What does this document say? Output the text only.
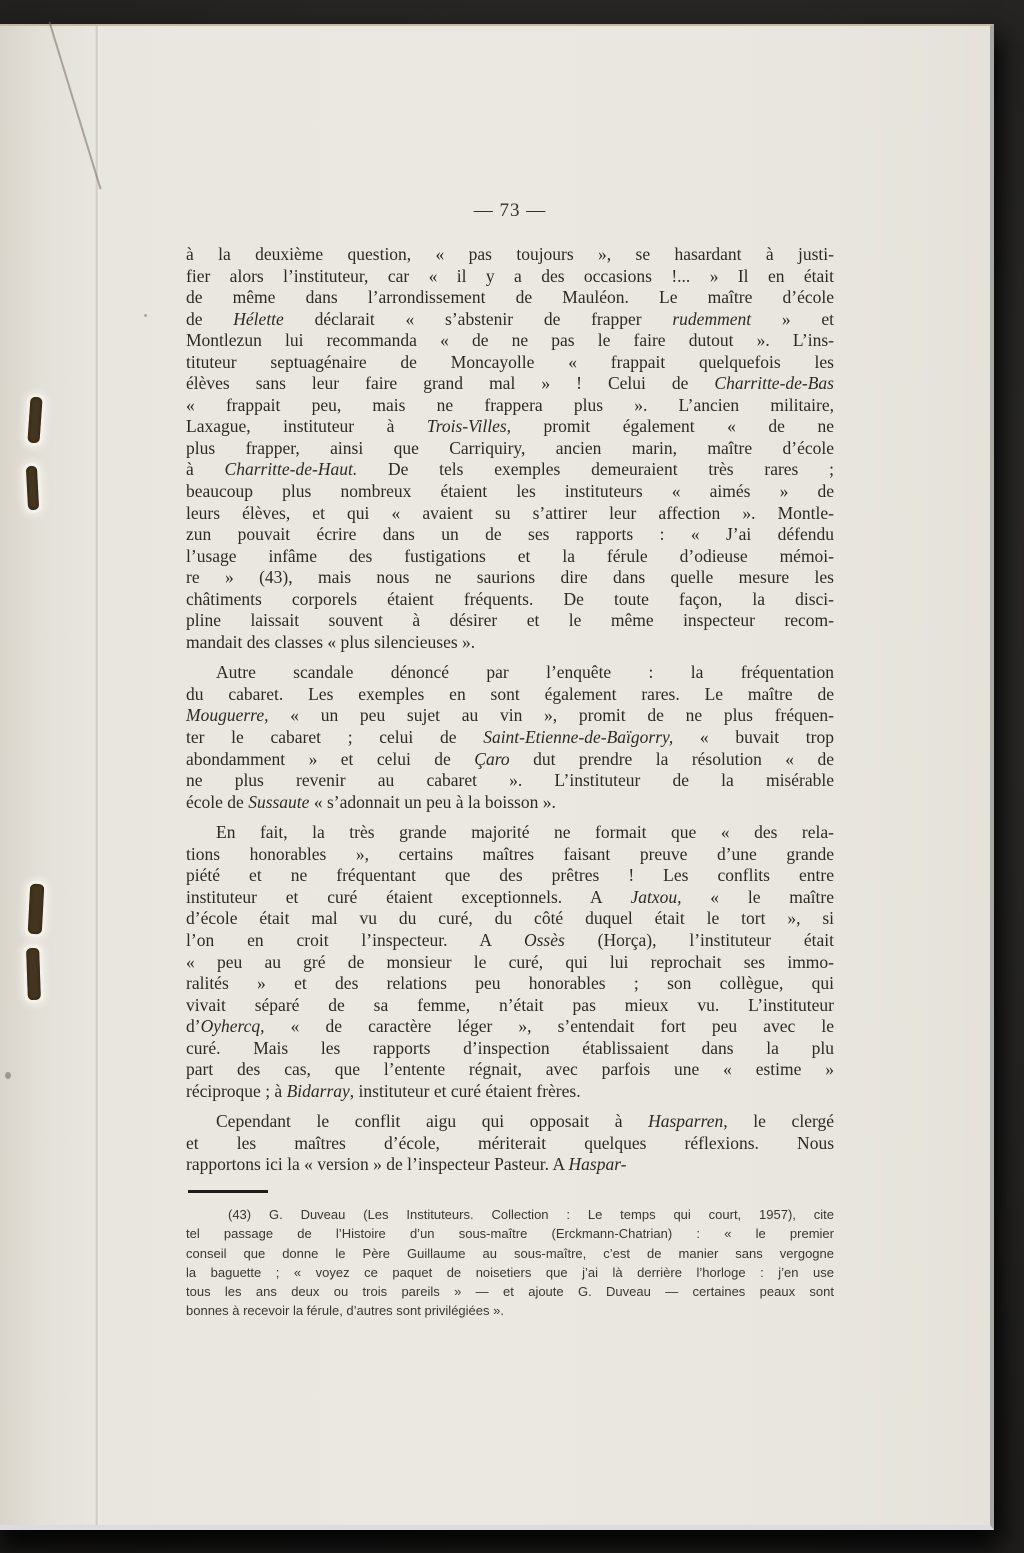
— 73 —
à la deuxième question, « pas toujours », se hasardant à justi-
fier alors l’instituteur, car « il y a des occasions !... » Il en était
de même dans l’arrondissement de Mauléon. Le maître d’école
de Hélette déclarait « s’abstenir de frapper rudemment » et
Montlezun lui recommanda « de ne pas le faire dutout ». L’ins-
tituteur septuagénaire de Moncayolle « frappait quelquefois les
élèves sans leur faire grand mal » ! Celui de Charritte-de-Bas
« frappait peu, mais ne frappera plus ». L’ancien militaire,
Laxague, instituteur à Trois-Villes, promit également « de ne
plus frapper, ainsi que Carriquiry, ancien marin, maître d’école
à Charritte-de-Haut. De tels exemples demeuraient très rares ;
beaucoup plus nombreux étaient les instituteurs « aimés » de
leurs élèves, et qui « avaient su s’attirer leur affection ». Montle-
zun pouvait écrire dans un de ses rapports : « J’ai défendu
l’usage infâme des fustigations et la férule d’odieuse mémoi-
re » (43), mais nous ne saurions dire dans quelle mesure les
châtiments corporels étaient fréquents. De toute façon, la disci-
pline laissait souvent à désirer et le même inspecteur recom-
mandait des classes « plus silencieuses ».
Autre scandale dénoncé par l’enquête : la fréquentation
du cabaret. Les exemples en sont également rares. Le maître de
Mouguerre, « un peu sujet au vin », promit de ne plus fréquen-
ter le cabaret ; celui de Saint-Etienne-de-Baïgorry, « buvait trop
abondamment » et celui de Çaro dut prendre la résolution « de
ne plus revenir au cabaret ». L’instituteur de la misérable
école de Sussaute « s’adonnait un peu à la boisson ».
En fait, la très grande majorité ne formait que « des rela-
tions honorables », certains maîtres faisant preuve d’une grande
piété et ne fréquentant que des prêtres ! Les conflits entre
instituteur et curé étaient exceptionnels. A Jatxou, « le maître
d’école était mal vu du curé, du côté duquel était le tort », si
l’on en croit l’inspecteur. A Ossès (Horça), l’instituteur était
« peu au gré de monsieur le curé, qui lui reprochait ses immo-
ralités » et des relations peu honorables ; son collègue, qui
vivait séparé de sa femme, n’était pas mieux vu. L’instituteur
d’Oyhercq, « de caractère léger », s’entendait fort peu avec le
curé. Mais les rapports d’inspection établissaient dans la plu
part des cas, que l’entente régnait, avec parfois une « estime »
réciproque ; à Bidarray, instituteur et curé étaient frères.
Cependant le conflit aigu qui opposait à Hasparren, le clergé
et les maîtres d’école, mériterait quelques réflexions. Nous
rapportons ici la « version » de l’inspecteur Pasteur. A Haspar-
(43) G. Duveau (Les Instituteurs. Collection : Le temps qui court, 1957), cite
tel passage de l’Histoire d’un sous-maître (Erckmann-Chatrian) : « le premier
conseil que donne le Père Guillaume au sous-maître, c’est de manier sans vergogne
la baguette ; « voyez ce paquet de noisetiers que j’ai là derrière l’horloge : j’en use
tous les ans deux ou trois pareils » — et ajoute G. Duveau — certaines peaux sont
bonnes à recevoir la férule, d’autres sont privilégiées ».
